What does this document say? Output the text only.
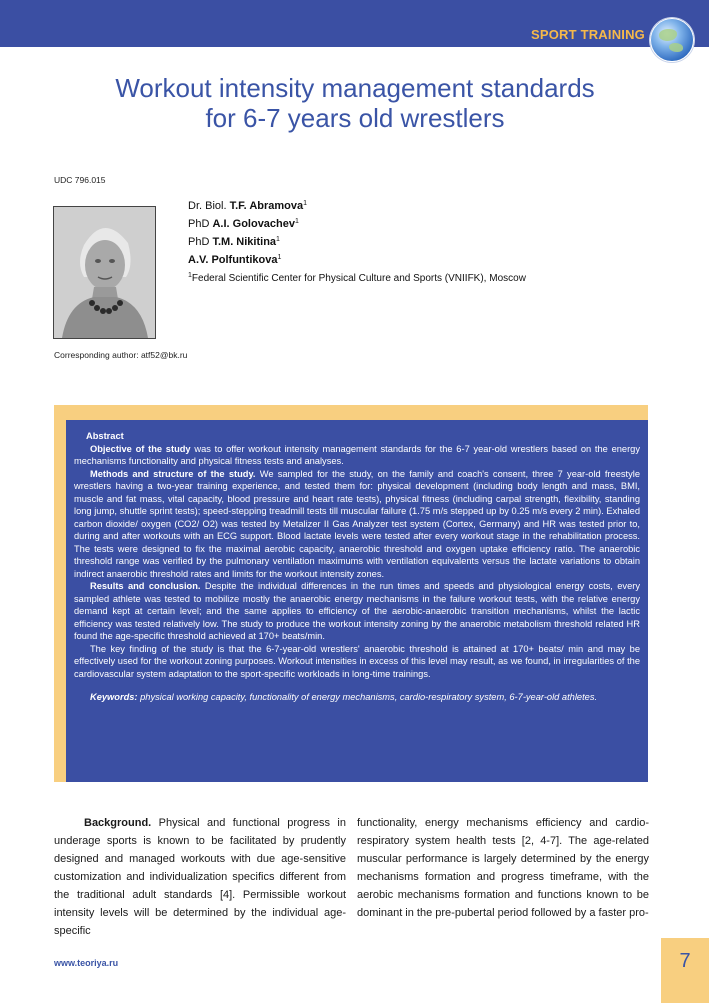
SPORT TRAINING
Workout intensity management standards
for 6-7 years old wrestlers
UDC 796.015
Dr. Biol. T.F. Abramova$^1$
PhD A.I. Golovachev$^1$
PhD T.M. Nikitina$^1$
A.V. Polfuntikova$^1$
$^1$Federal Scientific Center for Physical Culture and Sports (VNIIFK), Moscow
Corresponding author: atf52@bk.ru

Abstract

Objective of the study was to offer workout intensity management standards for the 6-7 year-old wrestlers based on the energy mechanisms functionality and physical fitness tests and analyses.

Methods and structure of the study. We sampled for the study, on the family and coach's consent, three 7 year-old freestyle wrestlers having a two-year training experience, and tested them for: physical development (including body length and mass, BMI, muscle and fat mass, vital capacity, blood pressure and heart rate tests), physical fitness (including carpal strength, flexibility, standing long jump, shuttle sprint tests); speed-stepping treadmill tests till muscular failure (1.75 m/s stepped up by 0.25 m/s every 2 min). Exhaled carbon dioxide/ oxygen (CO2/ O2) was tested by Metalizer II Gas Analyzer test system (Cortex, Germany) and HR was tested prior to, during and after workouts with an ECG support. Blood lactate levels were tested after every workout stage in the rehabilitation process. The tests were designed to fix the maximal aerobic capacity, anaerobic threshold and oxygen uptake efficiency ratio. The anaerobic threshold range was verified by the pulmonary ventilation maximums with ventilation equivalents versus the lactate variations to obtain indirect anaerobic threshold rates and limits for the workout intensity zones.

Results and conclusion. Despite the individual differences in the run times and speeds and physiological energy costs, every sampled athlete was tested to mobilize mostly the anaerobic energy mechanisms in the failure workout tests, with the relative energy demand kept at certain level; and the same applies to efficiency of the aerobic-anaerobic transition mechanisms, whilst the lactic efficiency was tested relatively low. The study to produce the workout intensity zoning by the anaerobic metabolism threshold related HR found the age-specific threshold achieved at 170+ beats/min.

The key finding of the study is that the 6-7-year-old wrestlers' anaerobic threshold is attained at 170+ beats/ min and may be effectively used for the workout zoning purposes. Workout intensities in excess of this level may result, as we found, in irregularities of the cardiovascular system adaptation to the sport-specific workloads in long-time trainings.

Keywords: physical working capacity, functionality of energy mechanisms, cardio-respiratory system, 6-7-year-old athletes.

Background. Physical and functional progress in underage sports is known to be facilitated by prudently designed and managed workouts with due age-sensitive customization and individualization specifics different from the traditional adult standards [4]. Permissible workout intensity levels will be determined by the individual age-specific

functionality, energy mechanisms efficiency and cardio-respiratory system health tests [2, 4-7]. The age-related muscular performance is largely determined by the energy mechanisms formation and progress timeframe, with the aerobic mechanisms formation and functions known to be dominant in the pre-pubertal period followed by a faster pro-

www.teoriya.ru	7
